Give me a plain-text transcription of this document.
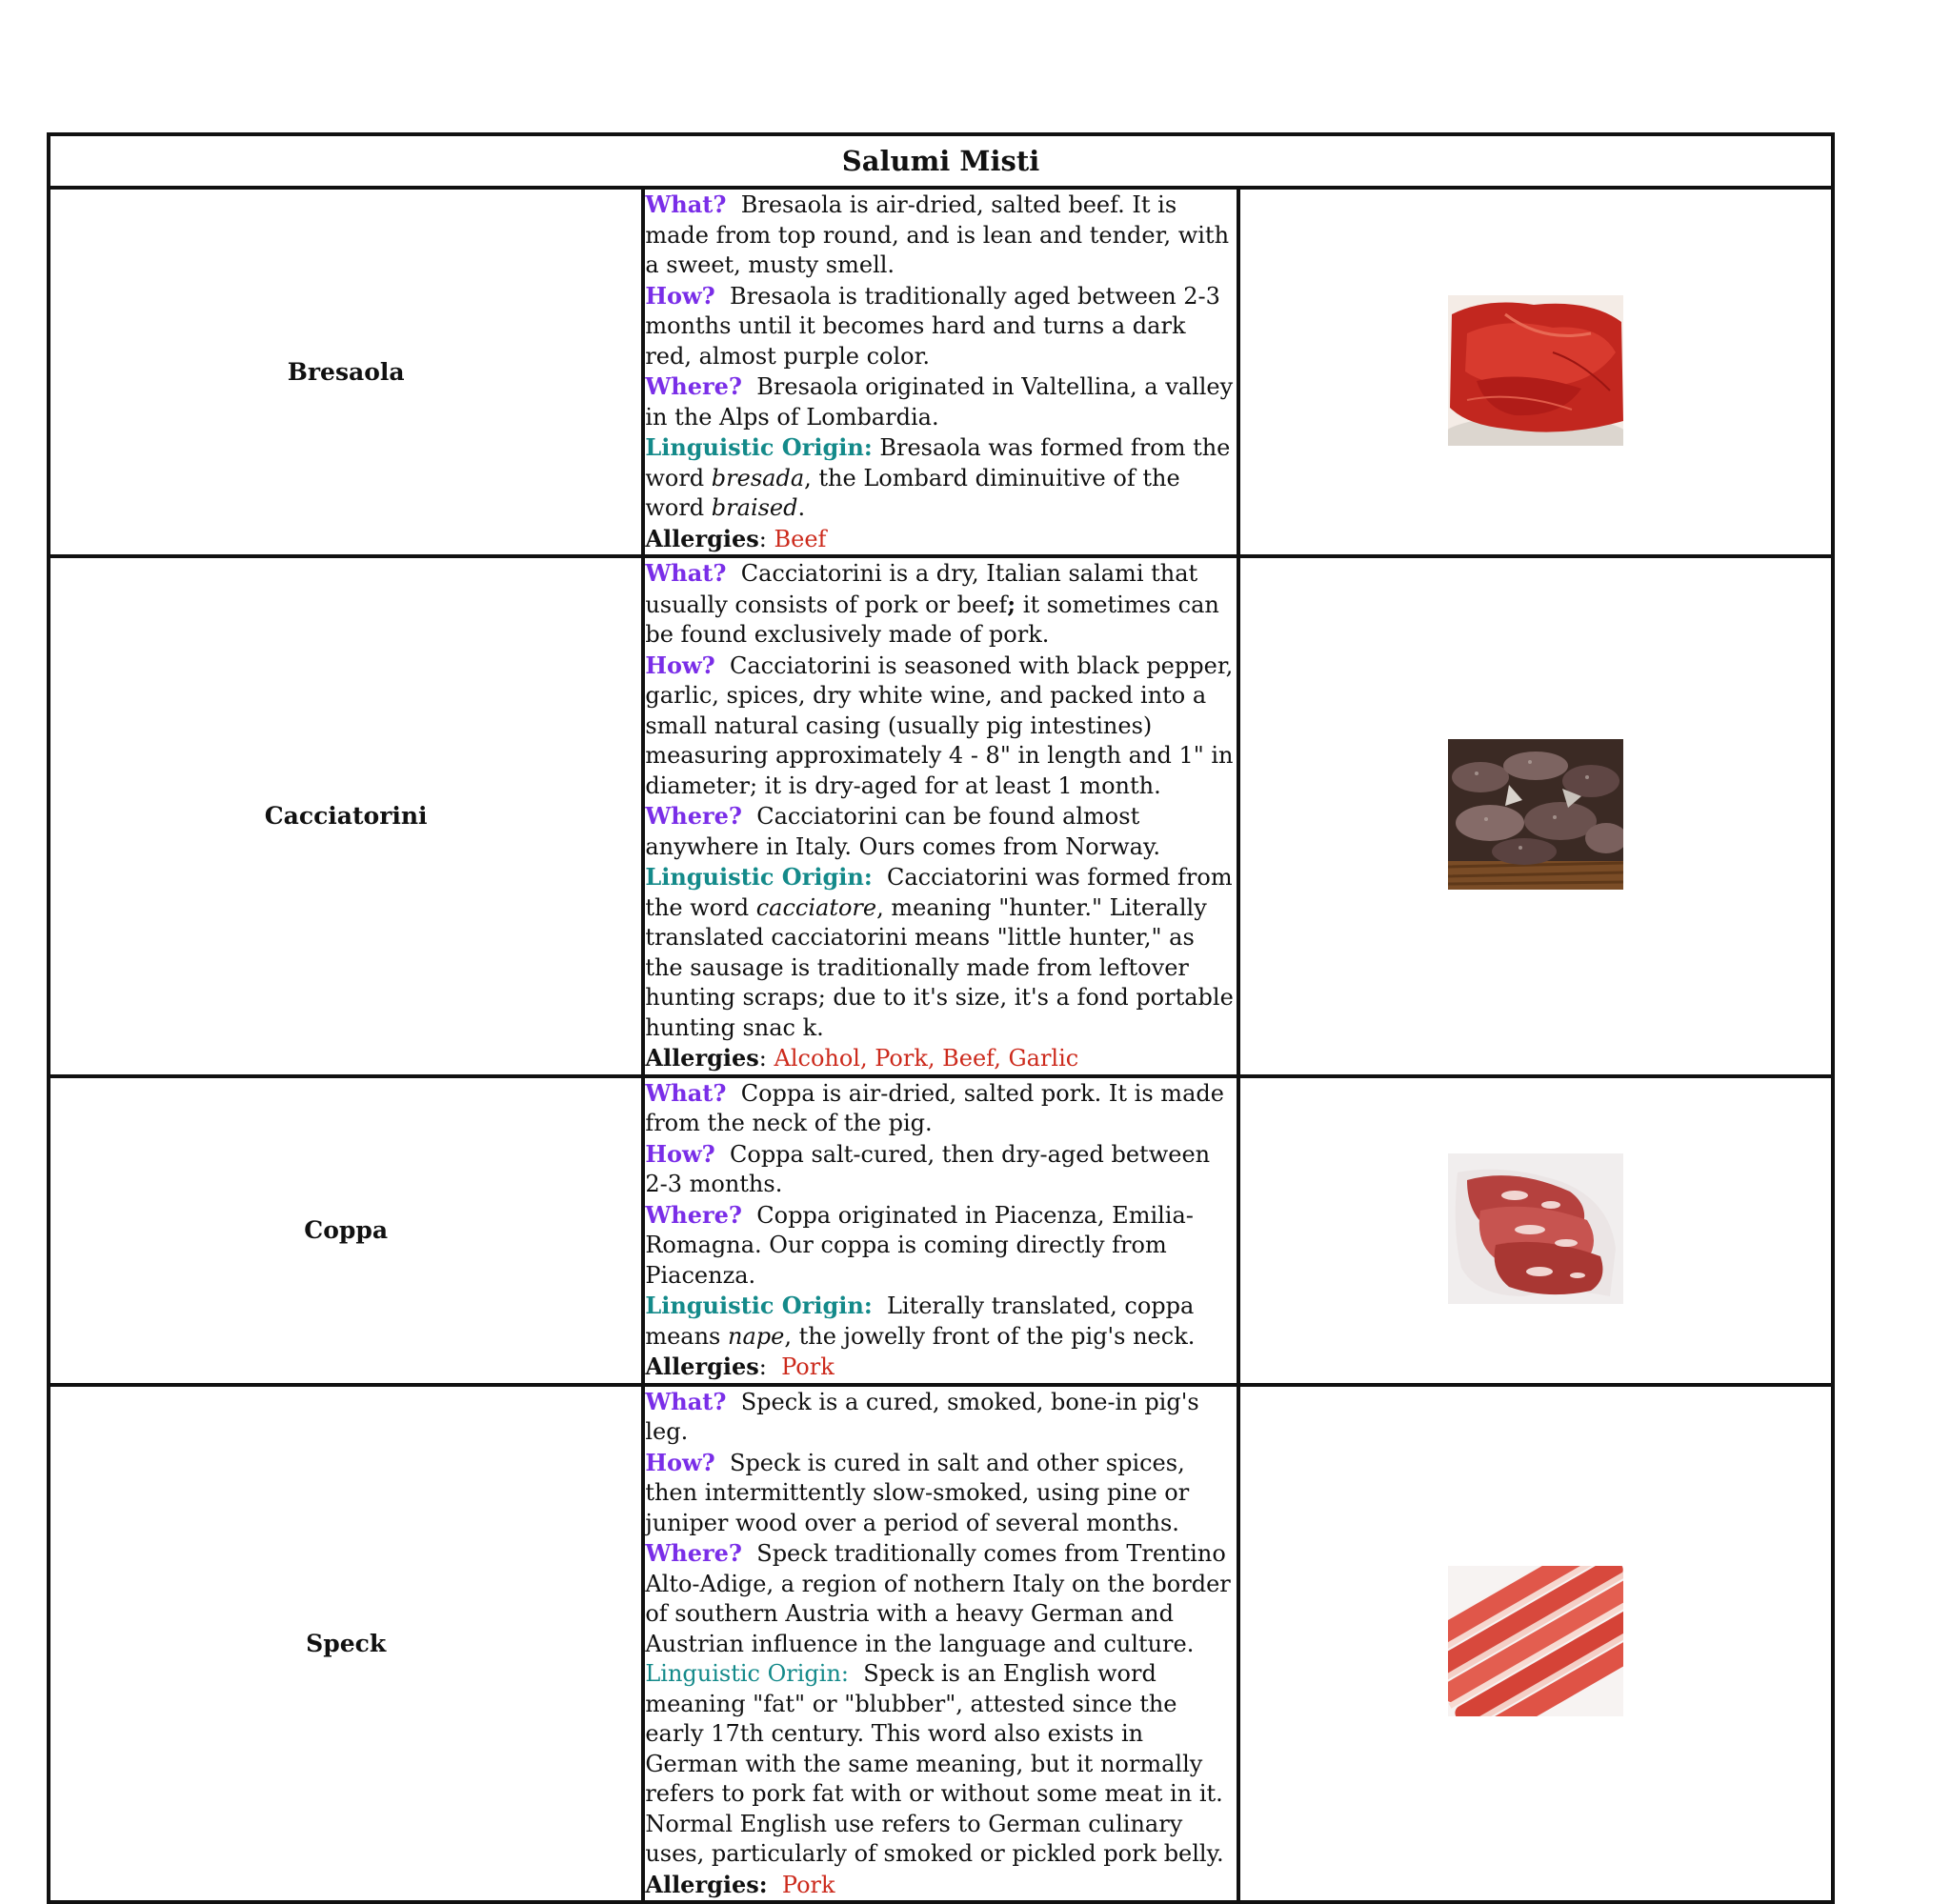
Salumi Misti		
Bresaola	What? Bresaola is air-dried, salted beef. It is made from top round, and is lean and tender, with a sweet, musty smell.
How? Bresaola is traditionally aged between 2-3 months until it becomes hard and turns a dark red, almost purple color.
Where? Bresaola originated in Valtellina, a valley in the Alps of Lombardia.
Linguistic Origin: Bresaola was formed from the word bresada, the Lombard diminuitive of the word braised.
Allergies: Beef

Cacciatorini	What? Cacciatorini is a dry, Italian salami that usually consists of pork or beef; it sometimes can be found exclusively made of pork.
How? Cacciatorini is seasoned with black pepper, garlic, spices, dry white wine, and packed into a small natural casing (usually pig intestines) measuring approximately 4 - 8" in length and 1" in diameter; it is dry-aged for at least 1 month.
Where? Cacciatorini can be found almost anywhere in Italy. Ours comes from Norway.
Linguistic Origin: Cacciatorini was formed from the word cacciatore, meaning "hunter." Literally translated cacciatorini means "little hunter," as the sausage is traditionally made from leftover hunting scraps; due to it's size, it's a fond portable hunting snac k.
Allergies: Alcohol, Pork, Beef, Garlic

Coppa	What? Coppa is air-dried, salted pork. It is made from the neck of the pig.
How? Coppa salt-cured, then dry-aged between 2-3 months.
Where? Coppa originated in Piacenza, Emilia-Romagna. Our coppa is coming directly from Piacenza.
Linguistic Origin: Literally translated, coppa means nape, the jowelly front of the pig's neck.
Allergies:  Pork

Speck	What? Speck is a cured, smoked, bone-in pig's leg.
How? Speck is cured in salt and other spices, then intermittently slow-smoked, using pine or juniper wood over a period of several months.
Where? Speck traditionally comes from Trentino Alto-Adige, a region of nothern Italy on the border of southern Austria with a heavy German and Austrian influence in the language and culture.
Linguistic Origin: Speck is an English word meaning "fat" or "blubber", attested since the early 17th century. This word also exists in German with the same meaning, but it normally refers to pork fat with or without some meat in it. Normal English use refers to German culinary uses, particularly of smoked or pickled pork belly.
Allergies: Pork
